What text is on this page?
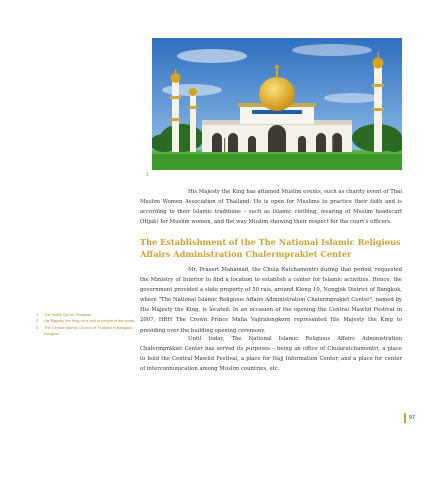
1

His Majesty the King has attained Muslim events, such as charity event of Thai Muslim Women Association of Thailand. He is open for Muslims to practice their faith and is according to their Islamic traditions – such as Islamic clothing, wearing of Muslim headscarf (Hijab) for Muslim women, and the way Muslim showing their respect for the court's officers.

The Establishment of the The National Islamic Religious Affairs Administration Chalermprakiet Center

Mr. Prasert Mahamad, the Chula Ratchamontri during that period, requested the Ministry of Interior to find a location to establish a center for Islamic activities. Hence, the government provided a state property of 50 rais, around Klong 10, Nongjok District of Bangkok, where "The National Islamic Religious Affairs Administration Chalermprakiet Center", named by His Majesty the King, is located. In an occasion of the opening the Central Mawlid Festival in 2007, HRH The Crown Prince Maha Vajiralongkorn represented His Majesty the King to presiding over the building opening ceremony.

Until today, The National Islamic Religious Affairs Administration Chalermprakiet Center has served its purposes – being an office of Chularatchamontri, a place to hold the Central Mawlid Festival, a place for Hajj Information Center, and a place for center of interconnunication among Muslim countries, etc.

1	The Noble Qur'an Textbook
2	His Majesty the King on a visit to people in the south.
3	The Central Islamic Council of Thailand in Bangkok, Bangkok
97
